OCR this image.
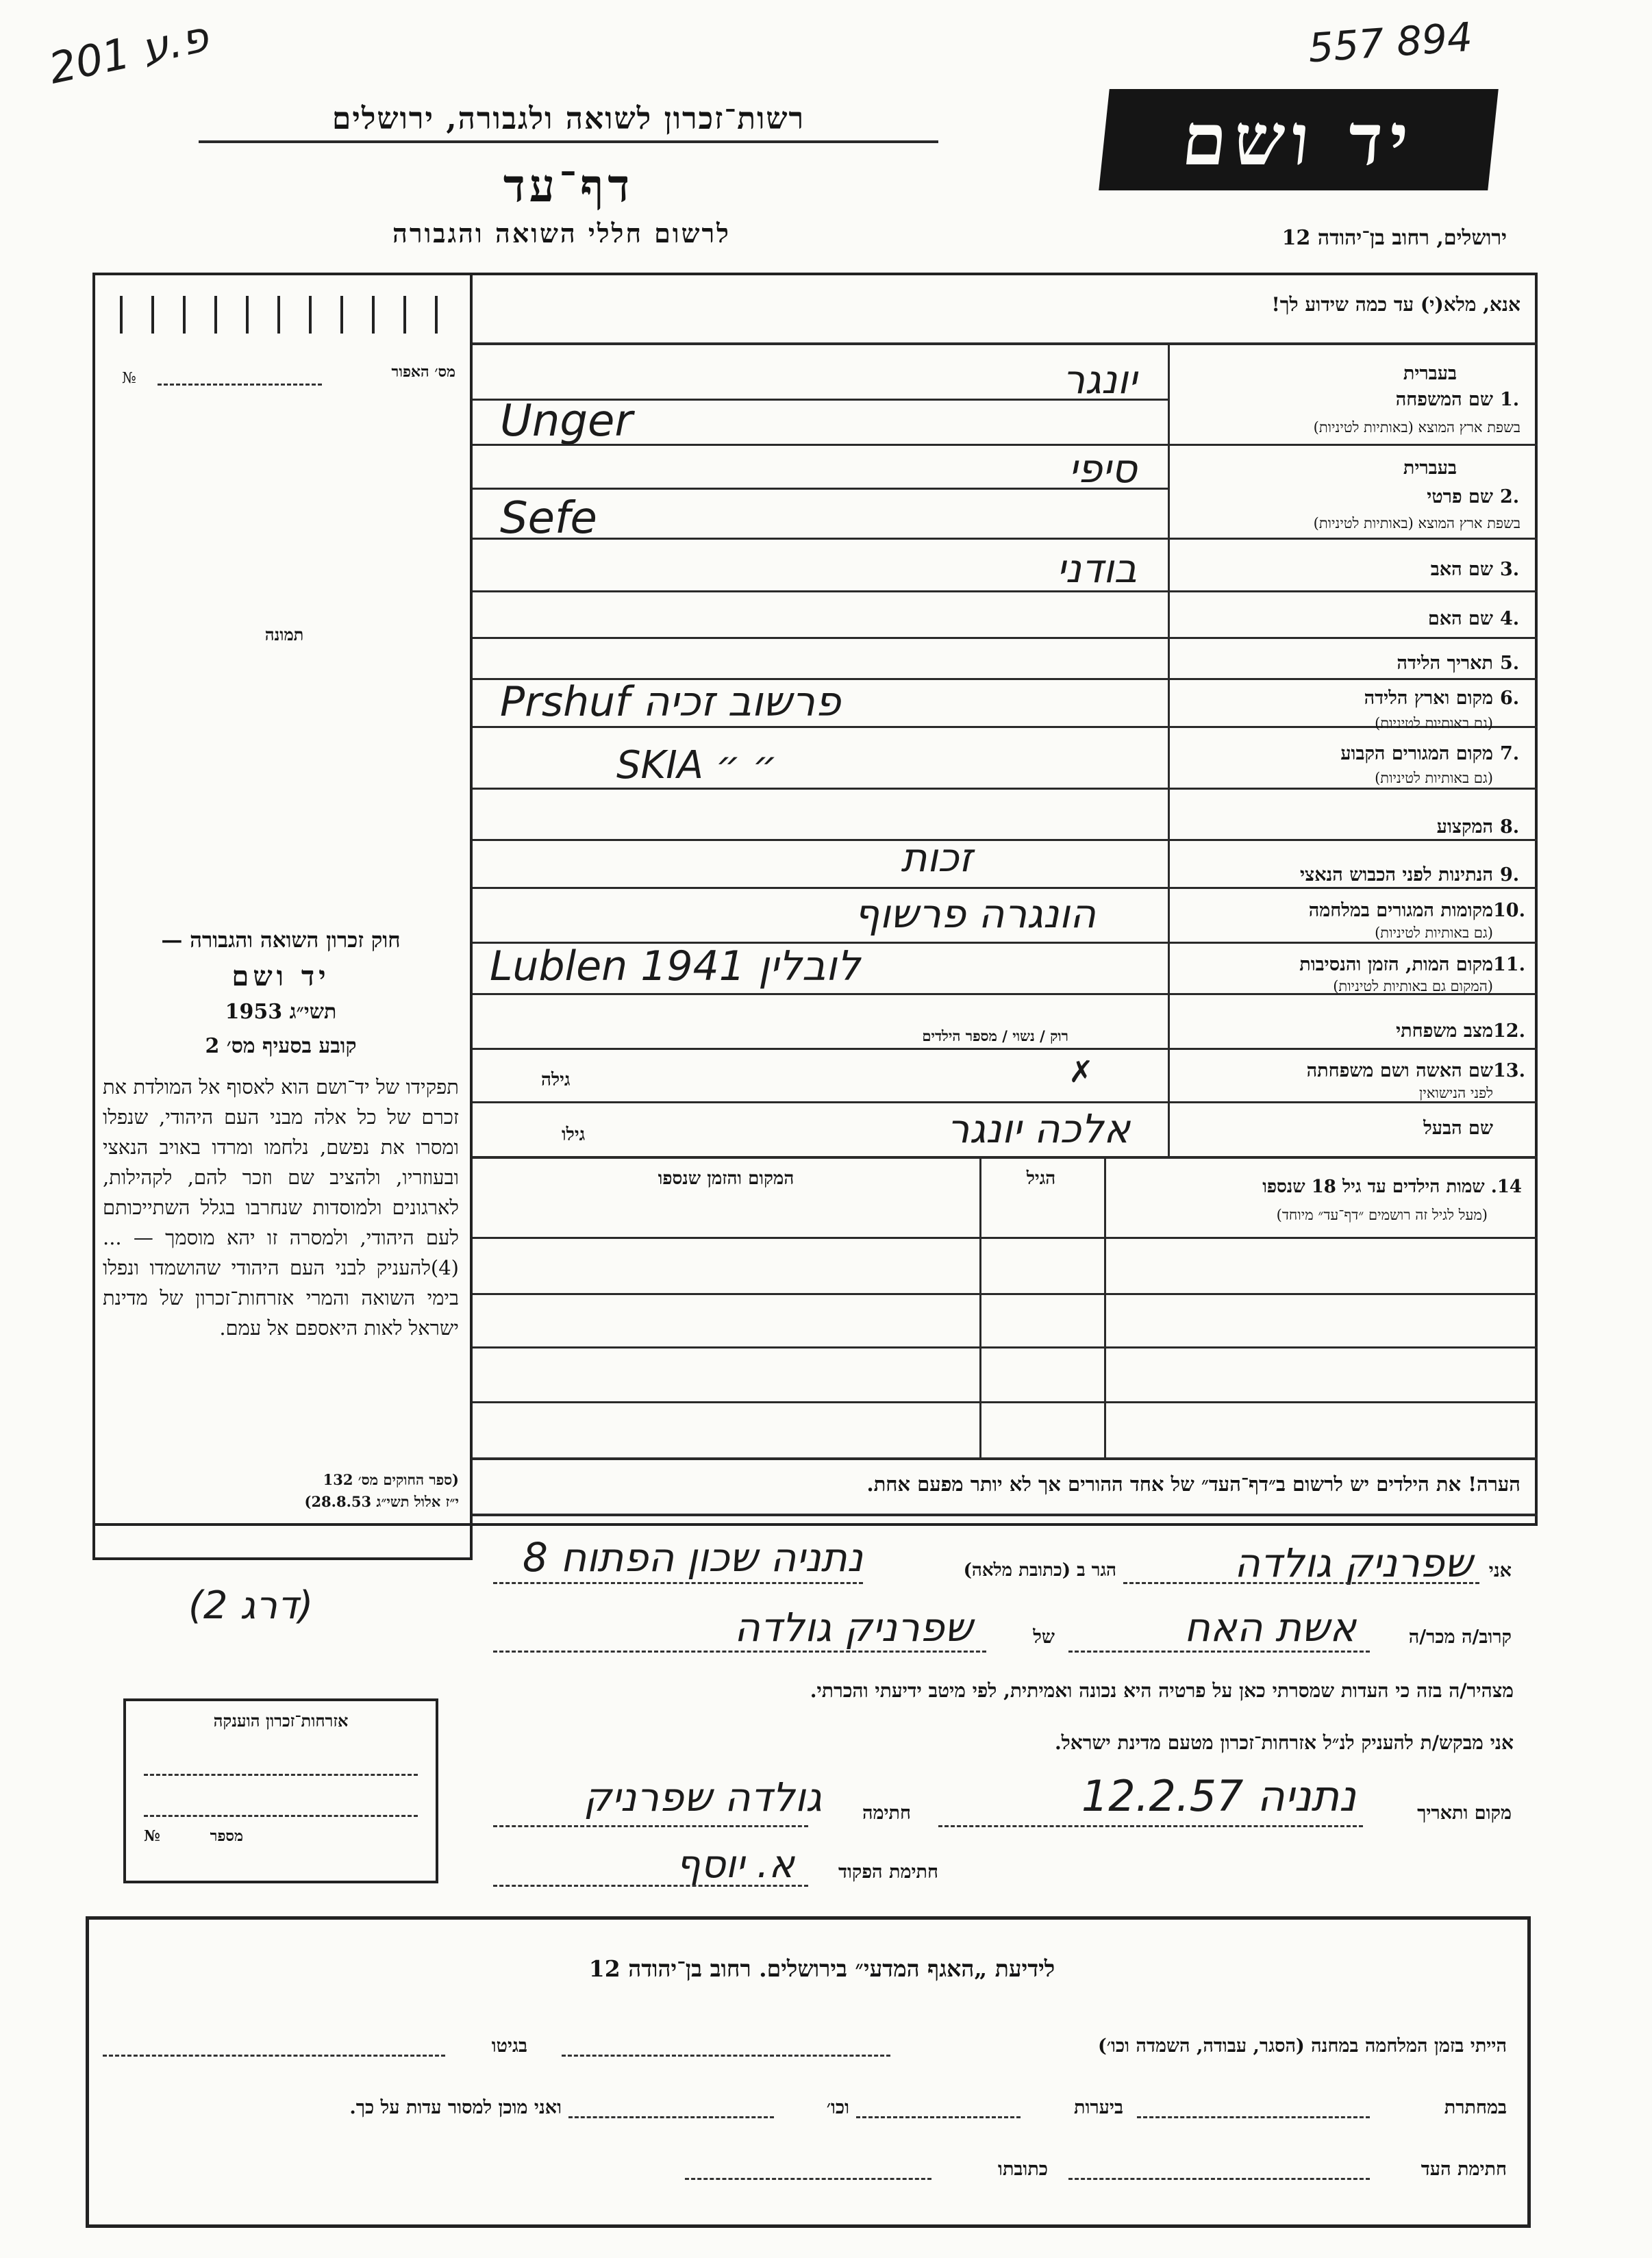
פ.ע 201	557 894
רשות־זכרון לשואה ולגבורה, ירושלים
דף־עד
לרשום חללי השואה והגבורה
יד ושם
ירושלים, רחוב בן־יהודה 12
מס׳ האפור
№
תמונה
חוק זכרון השואה והגבורה —
יד ושם
תשי״ג 1953
קובע בסעיף מס׳ 2
תפקידו של יד־ושם הוא לאסוף אל המולדת את זכרם של כל אלה מבני העם היהודי, שנפלו ומסרו את נפשם, נלחמו ומרדו באויב הנאצי ובעוזריו, ולהציב שם וזכר להם, לקהילות, לארגונים ולמוסדות שנחרבו בגלל השתייכותם לעם היהודי, ולמסרה זו יהא מוסמך — ...(4)להעניק לבני העם היהודי שהושמדו ונפלו בימי השואה והמרי אזרחות־זכרון של מדינת ישראל לאות היאספם אל עמם.
(ספר החוקים מס׳ 132
י״ז אלול תשי״ג 28.8.53)
אנא, מלא(י) עד כמה שידוע לך!
בעברית
1.
שם המשפחה
בשפת ארץ המוצא (באותיות לטיניות)
יונגר
Unger
בעברית
2.
שם פרטי
בשפת ארץ המוצא (באותיות לטיניות)
סיפי
Sefe
3.
שם האב
בודני
4.
שם האם
5.
תאריך הלידה
6.
מקום וארץ הלידה
(גם באותיות לטיניות)
Prshuf פרשוב זכיה
7.
מקום המגורים הקבוע
(גם באותיות לטיניות)
SKIA ״ ״
8.
המקצוע
9.
הנתינות לפני הכבוש הנאצי
זכות
10.
מקומות המגורים במלחמה
(גם באותיות לטיניות)
הונגרה פרשוף
11.
מקום המות, הזמן והנסיבות
(המקום גם באותיות לטיניות)
Lublen 1941 לובלין
12.
מצב משפחתי
רוק / נשוי / מספר הילדים
13.
שם האשה ושם משפחתה
לפני הנישואין
גילה	✗
שם הבעל
אלכה יונגר
גילו
14. שמות הילדים עד גיל 18 שנספו
(מעל לגיל זה רושמים ״דף־עד״ מיוחד)
הגיל
המקום והזמן שנספו
הערה! את הילדים יש לרשום ב״דף־העד״ של אחד ההורים אך לא יותר מפעם אחת.
(2 דרג)
אני
שפרניק גולדה
הגר ב (כתובת מלאה)
נתניה שכון הפתוח 8
קרוב/ה מכר/ה
אשת האח
של
שפרניק גולדה
מצהיר/ה בזה כי העדות שמסרתי כאן על פרטיה היא נכונה ואמיתית, לפי מיטב ידיעתי והכרתי.
אני מבקש/ת להעניק לנ״ל אזרחות־זכרון מטעם מדינת ישראל.
מקום ותאריך
נתניה 12.2.57
חתימה
גולדה שפרניק
חתימת הפקוד
א. יוסף
אזרחות־זכרון הוענקה
מספר
№
לידיעת „האגף המדעי״ בירושלים. רחוב בן־יהודה 12
הייתי בזמן המלחמה במחנה (הסגר, עבודה, השמדה וכו׳)
בגיטו
במחתרת
ביערות
וכו׳
ואני מוכן למסור עדות על כך.
חתימת העד
כתובתו
